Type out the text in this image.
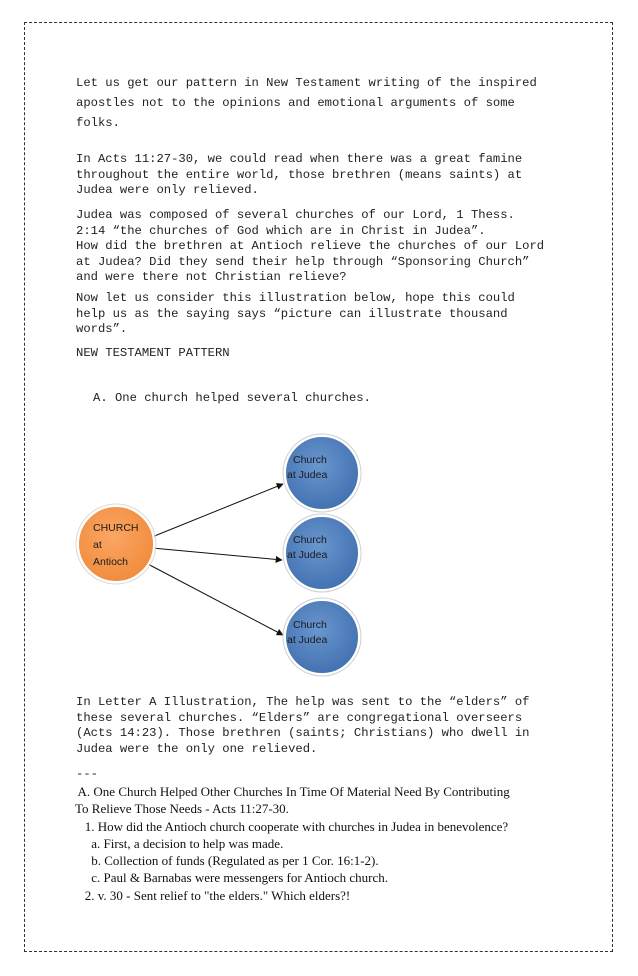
Let us get our pattern in New Testament writing of the inspired
apostles not to the opinions and emotional arguments of some
folks.

In Acts 11:27-30, we could read when there was a great famine
throughout the entire world, those brethren (means saints) at
Judea were only relieved.

Judea was composed of several churches of our Lord, 1 Thess.
2:14 “the churches of God which are in Christ in Judea”.
How did the brethren at Antioch relieve the churches of our Lord
at Judea? Did they send their help through “Sponsoring Church”
and were there not Christian relieve?

Now let us consider this illustration below, hope this could
help us as the saying says “picture can illustrate thousand
words”.

NEW TESTAMENT PATTERN

A. One church helped several churches.

CHURCH
at
Antioch
Church
at Judea
Church
at Judea
Church
at Judea

In Letter A Illustration, The help was sent to the “elders” of
these several churches. “Elders” are congregational overseers
(Acts 14:23). Those brethren (saints; Christians) who dwell in
Judea were the only one relieved.

---

A. One Church Helped Other Churches In Time Of Material Need By Contributing
To Relieve Those Needs - Acts 11:27-30.
1. How did the Antioch church cooperate with churches in Judea in benevolence?
a. First, a decision to help was made.
b. Collection of funds (Regulated as per 1 Cor. 16:1-2).
c. Paul & Barnabas were messengers for Antioch church.
2. v. 30 - Sent relief to "the elders." Which elders?!
